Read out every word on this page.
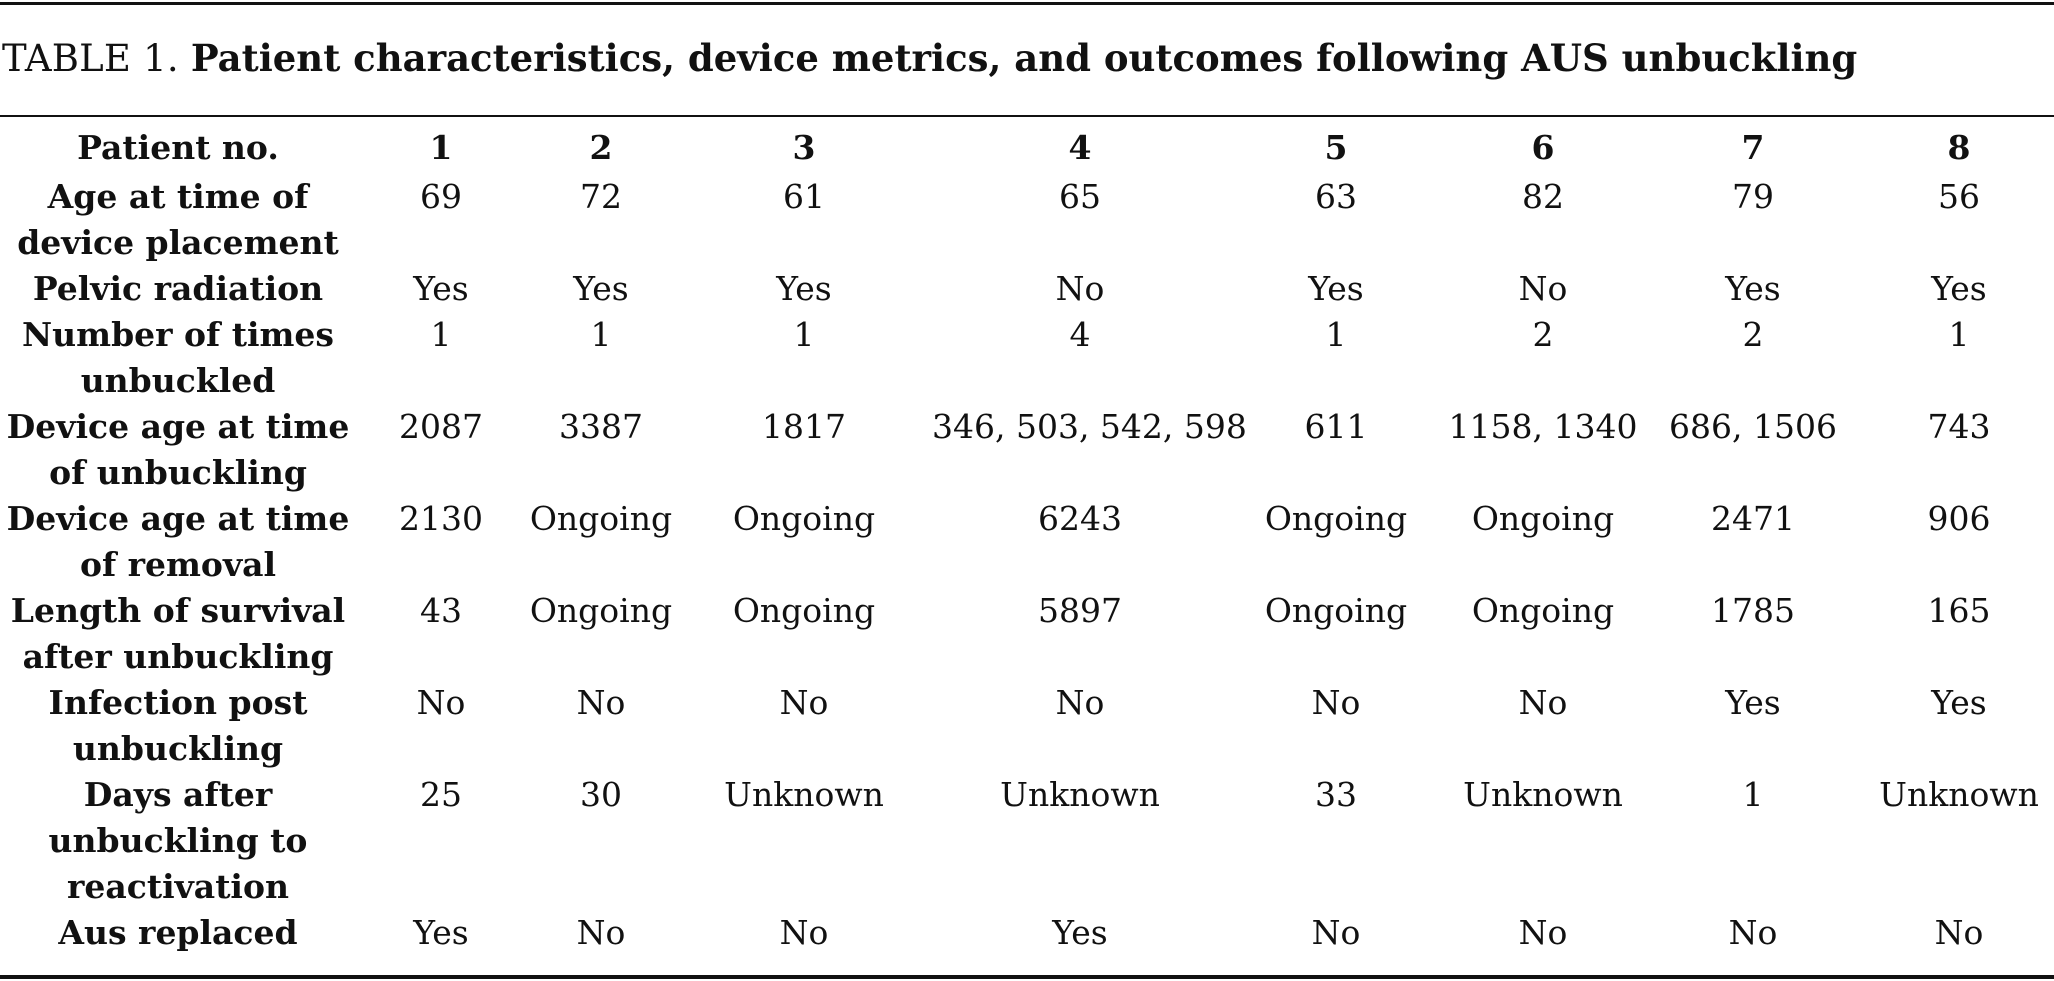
TABLE 1. Patient characteristics, device metrics, and outcomes following AUS unbuckling
Patient no.	1	2	3	4	5	6	7	8
Age at time of
device placement	69	72	61	65	63	82	79	56
Pelvic radiation	Yes	Yes	Yes	No	Yes	No	Yes	Yes
Number of times
unbuckled	1	1	1	4	1	2	2	1
Device age at time
of unbuckling	2087	3387	1817	346, 503, 542, 598	611	1158, 1340	686, 1506	743
Device age at time
of removal	2130	Ongoing	Ongoing	6243	Ongoing	Ongoing	2471	906
Length of survival
after unbuckling	43	Ongoing	Ongoing	5897	Ongoing	Ongoing	1785	165
Infection post
unbuckling	No	No	No	No	No	No	Yes	Yes
Days after
unbuckling to
reactivation	25	30	Unknown	Unknown	33	Unknown	1	Unknown
Aus replaced	Yes	No	No	Yes	No	No	No	No
